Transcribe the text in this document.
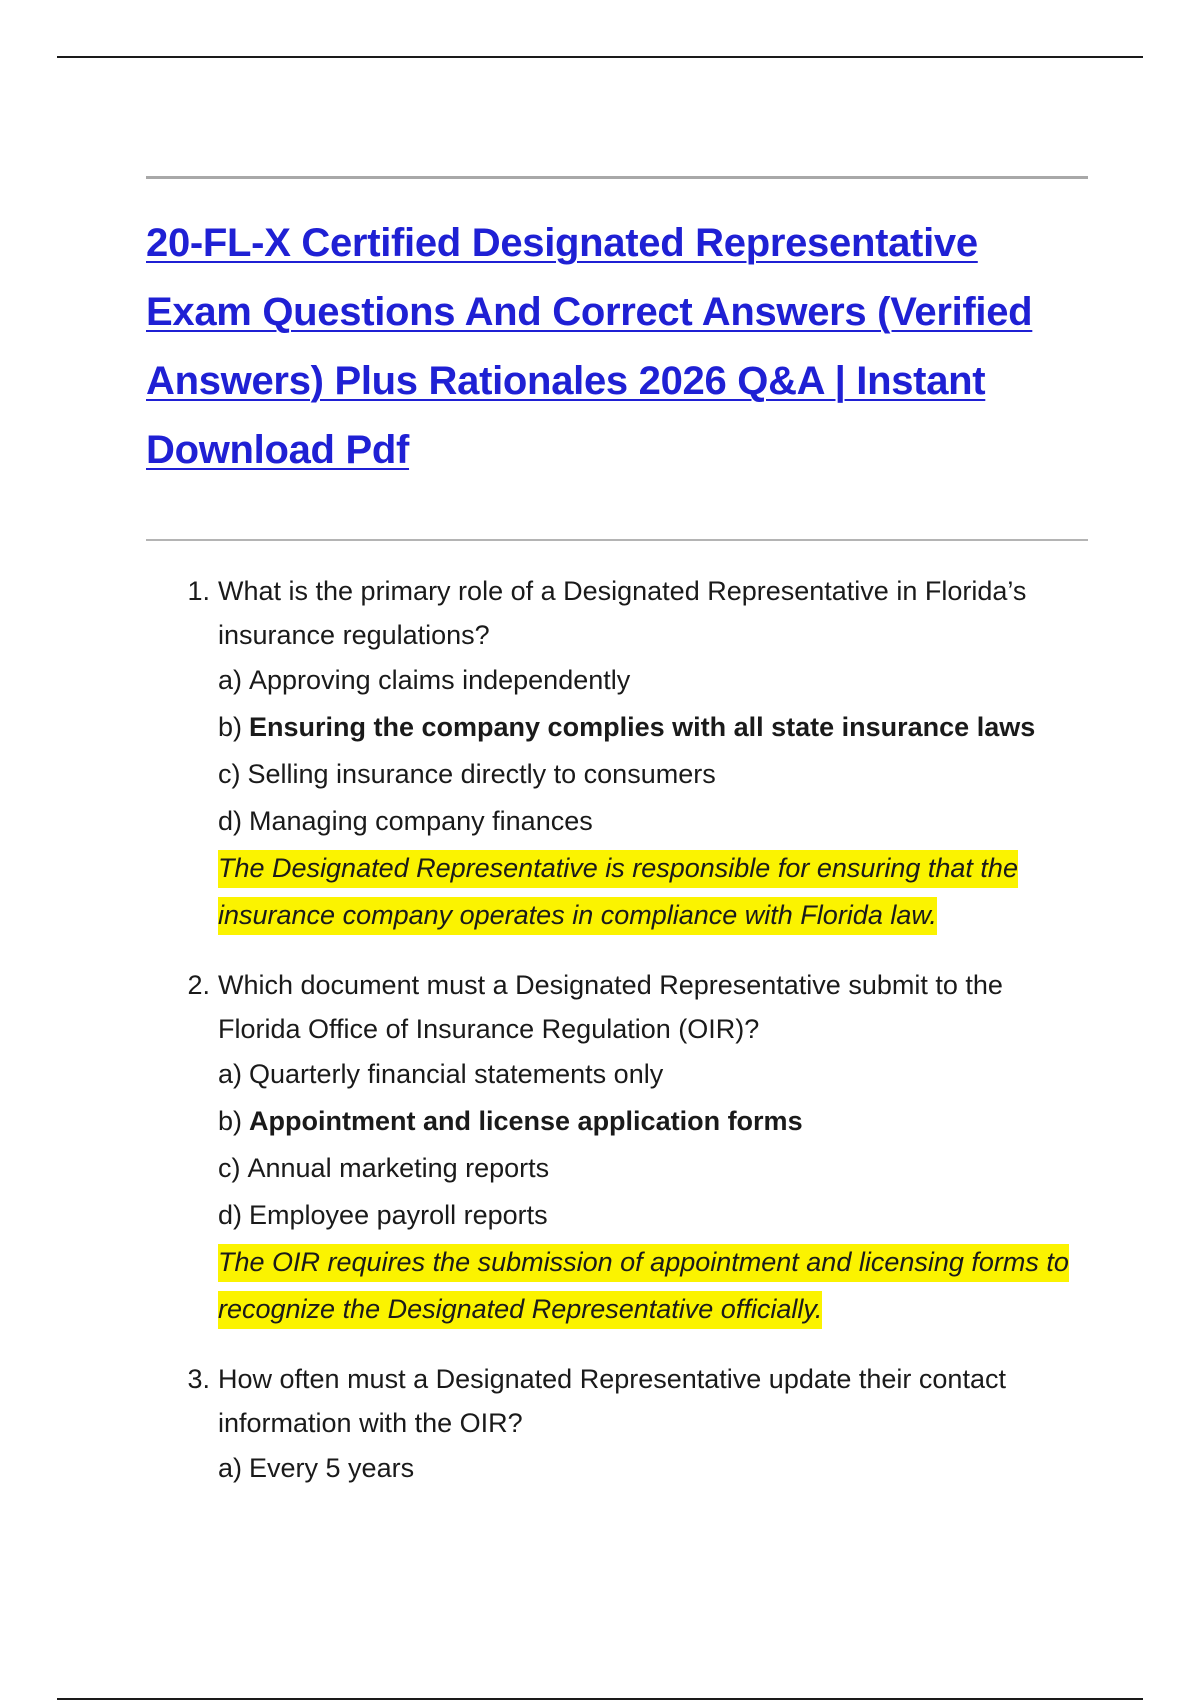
20-FL-X Certified Designated Representative Exam Questions And Correct Answers (Verified Answers) Plus Rationales 2026 Q&A | Instant Download Pdf
1. What is the primary role of a Designated Representative in Florida’s insurance regulations?
a) Approving claims independently
b) Ensuring the company complies with all state insurance laws
c) Selling insurance directly to consumers
d) Managing company finances
The Designated Representative is responsible for ensuring that the insurance company operates in compliance with Florida law.
2. Which document must a Designated Representative submit to the Florida Office of Insurance Regulation (OIR)?
a) Quarterly financial statements only
b) Appointment and license application forms
c) Annual marketing reports
d) Employee payroll reports
The OIR requires the submission of appointment and licensing forms to recognize the Designated Representative officially.
3. How often must a Designated Representative update their contact information with the OIR?
a) Every 5 years
